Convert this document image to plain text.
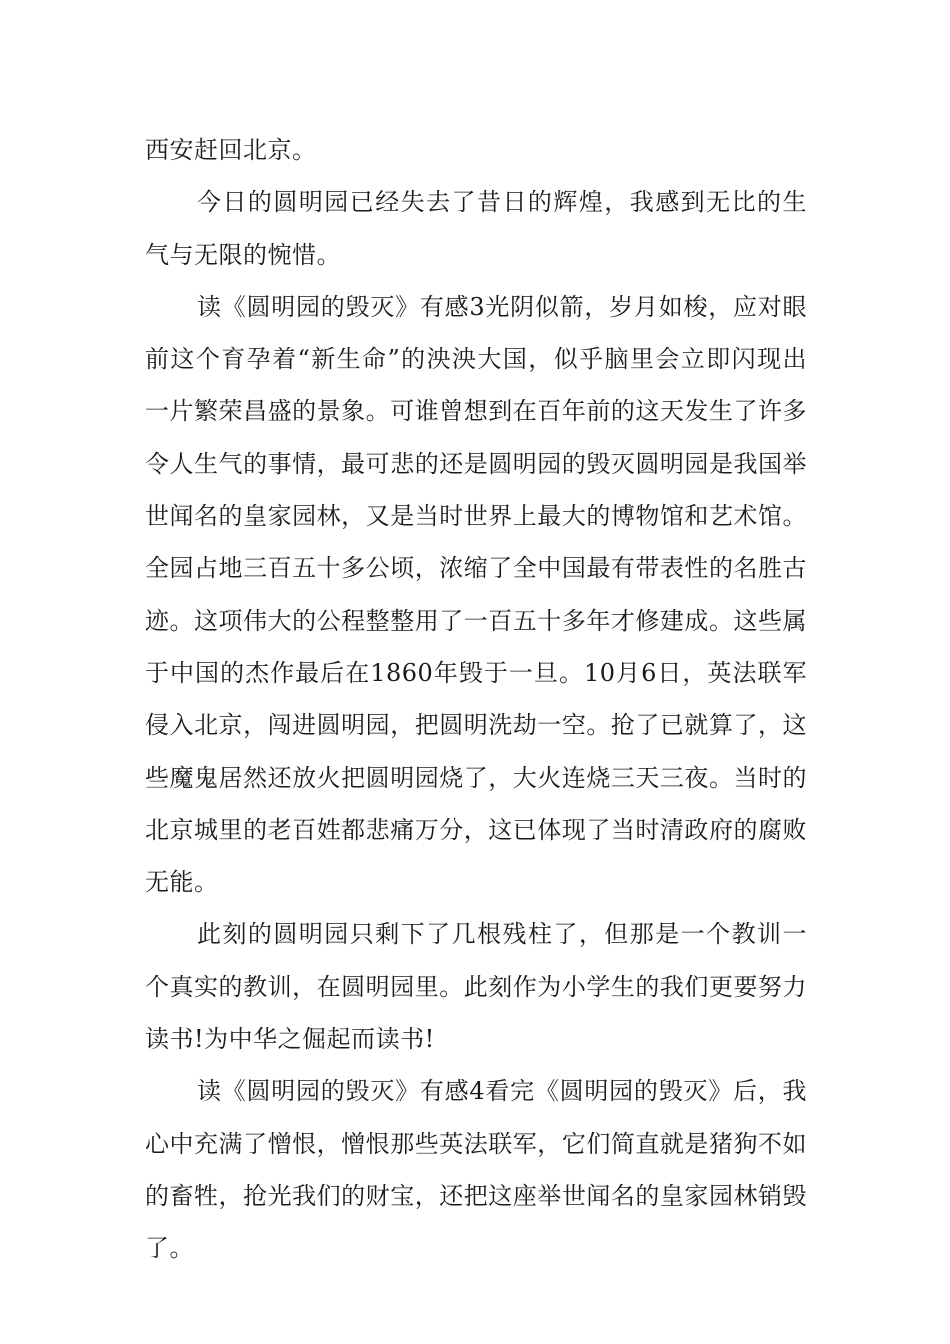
西安赶回北京。

今日的圆明园已经失去了昔日的辉煌，我感到无比的生气与无限的惋惜。

读《圆明园的毁灭》有感3光阴似箭，岁月如梭，应对眼前这个育孕着“新生命”的泱泱大国，似乎脑里会立即闪现出一片繁荣昌盛的景象。可谁曾想到在百年前的这天发生了许多令人生气的事情，最可悲的还是圆明园的毁灭圆明园是我国举世闻名的皇家园林，又是当时世界上最大的博物馆和艺术馆。全园占地三百五十多公顷，浓缩了全中国最有带表性的名胜古迹。这项伟大的公程整整用了一百五十多年才修建成。这些属于中国的杰作最后在1860年毁于一旦。10月6日，英法联军侵入北京，闯进圆明园，把圆明洗劫一空。抢了已就算了，这些魔鬼居然还放火把圆明园烧了，大火连烧三天三夜。当时的北京城里的老百姓都悲痛万分，这已体现了当时清政府的腐败无能。

此刻的圆明园只剩下了几根残柱了，但那是一个教训一个真实的教训，在圆明园里。此刻作为小学生的我们更要努力读书!为中华之倔起而读书!

读《圆明园的毁灭》有感4看完《圆明园的毁灭》后，我心中充满了憎恨，憎恨那些英法联军，它们简直就是猪狗不如的畜牲，抢光我们的财宝，还把这座举世闻名的皇家园林销毁了。
